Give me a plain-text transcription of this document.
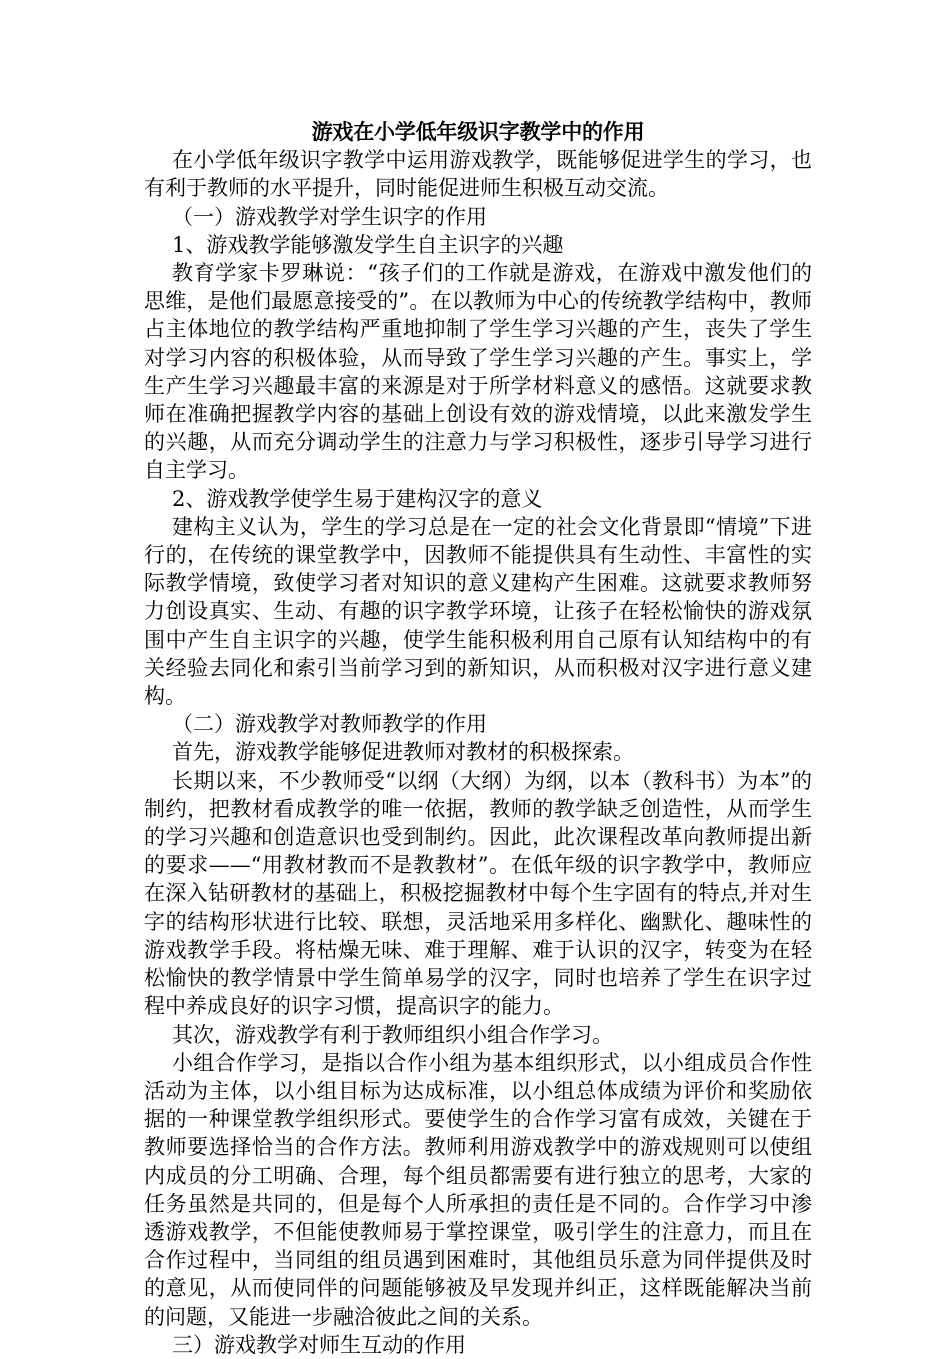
游戏在小学低年级识字教学中的作用

在小学低年级识字教学中运用游戏教学，既能够促进学生的学习，也有利于教师的水平提升，同时能促进师生积极互动交流。

（一）游戏教学对学生识字的作用

1、游戏教学能够激发学生自主识字的兴趣

教育学家卡罗琳说：“孩子们的工作就是游戏，在游戏中激发他们的思维，是他们最愿意接受的”。在以教师为中心的传统教学结构中，教师占主体地位的教学结构严重地抑制了学生学习兴趣的产生，丧失了学生对学习内容的积极体验，从而导致了学生学习兴趣的产生。事实上，学生产生学习兴趣最丰富的来源是对于所学材料意义的感悟。这就要求教师在准确把握教学内容的基础上创设有效的游戏情境，以此来激发学生的兴趣，从而充分调动学生的注意力与学习积极性，逐步引导学习进行自主学习。

2、游戏教学使学生易于建构汉字的意义

建构主义认为，学生的学习总是在一定的社会文化背景即“情境”下进行的，在传统的课堂教学中，因教师不能提供具有生动性、丰富性的实际教学情境，致使学习者对知识的意义建构产生困难。这就要求教师努力创设真实、生动、有趣的识字教学环境，让孩子在轻松愉快的游戏氛围中产生自主识字的兴趣，使学生能积极利用自己原有认知结构中的有关经验去同化和索引当前学习到的新知识，从而积极对汉字进行意义建构。

（二）游戏教学对教师教学的作用

首先，游戏教学能够促进教师对教材的积极探索。

长期以来，不少教师受“以纲（大纲）为纲，以本（教科书）为本”的制约，把教材看成教学的唯一依据，教师的教学缺乏创造性，从而学生的学习兴趣和创造意识也受到制约。因此，此次课程改革向教师提出新的要求——“用教材教而不是教教材”。在低年级的识字教学中，教师应在深入钻研教材的基础上，积极挖掘教材中每个生字固有的特点,并对生字的结构形状进行比较、联想，灵活地采用多样化、幽默化、趣味性的游戏教学手段。将枯燥无味、难于理解、难于认识的汉字，转变为在轻松愉快的教学情景中学生简单易学的汉字，同时也培养了学生在识字过程中养成良好的识字习惯，提高识字的能力。

其次，游戏教学有利于教师组织小组合作学习。

小组合作学习，是指以合作小组为基本组织形式，以小组成员合作性活动为主体，以小组目标为达成标准，以小组总体成绩为评价和奖励依据的一种课堂教学组织形式。要使学生的合作学习富有成效，关键在于教师要选择恰当的合作方法。教师利用游戏教学中的游戏规则可以使组内成员的分工明确、合理，每个组员都需要有进行独立的思考，大家的任务虽然是共同的，但是每个人所承担的责任是不同的。合作学习中渗透游戏教学，不但能使教师易于掌控课堂，吸引学生的注意力，而且在合作过程中，当同组的组员遇到困难时，其他组员乐意为同伴提供及时的意见，从而使同伴的问题能够被及早发现并纠正，这样既能解决当前的问题，又能进一步融洽彼此之间的关系。

三）游戏教学对师生互动的作用
